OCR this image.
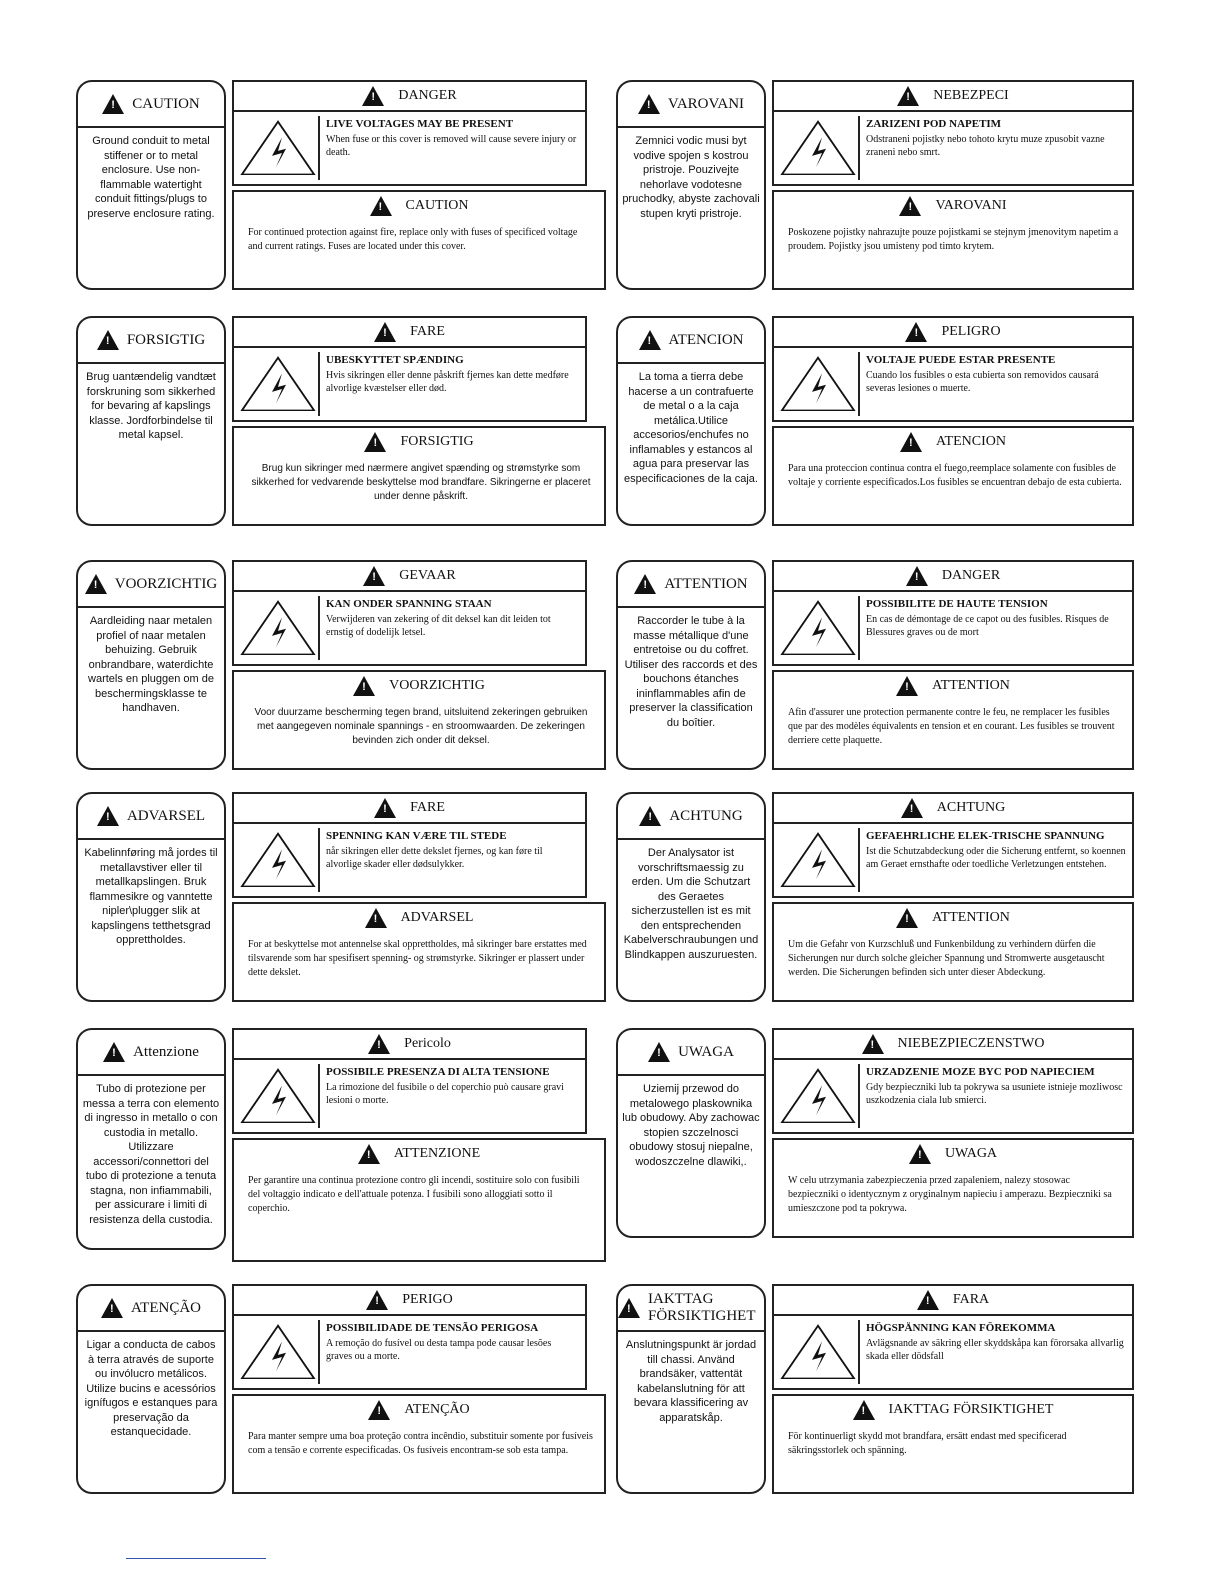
!
CAUTION
Ground conduit to metal stiffener or to metal enclosure. Use non-flammable watertight conduit fittings/plugs to preserve enclosure rating.
!
DANGER
LIVE VOLTAGES MAY BE PRESENT
When fuse or this cover is removed will cause severe injury or death.
!
CAUTION
For continued protection against fire, replace only with fuses of specificed voltage and current ratings. Fuses are located under this cover.
!
VAROVANI
Zemnici vodic musi byt vodive spojen s kostrou pristroje. Pouzivejte nehorlave vodotesne pruchodky, abyste zachovali stupen kryti pristroje.
!
NEBEZPECI
ZARIZENI POD NAPETIM
Odstraneni pojistky nebo tohoto krytu muze zpusobit vazne zraneni nebo smrt.
!
VAROVANI
Poskozene pojistky nahrazujte pouze pojistkami se stejnym jmenovitym napetim a proudem. Pojistky jsou umisteny pod timto krytem.
!
FORSIGTIG
Brug uantændelig vandtæt forskruning som sikkerhed for bevaring af kapslings klasse. Jordforbindelse til metal kapsel.
!
FARE
UBESKYTTET SPÆNDING
Hvis sikringen eller denne påskrift fjernes kan dette medføre alvorlige kvæstelser eller død.
!
FORSIGTIG
Brug kun sikringer med nærmere angivet spænding og strømstyrke som sikkerhed for vedvarende beskyttelse mod brandfare. Sikringerne er placeret under denne påskrift.
!
ATENCION
La toma a tierra debe hacerse a un contrafuerte de metal o a la caja metálica.Utilice accesorios/enchufes no inflamables y estancos al agua para preservar las especificaciones de la caja.
!
PELIGRO
VOLTAJE PUEDE ESTAR PRESENTE
Cuando los fusibles o esta cubierta son removidos causará severas lesiones o muerte.
!
ATENCION
Para una proteccion continua contra el fuego,reemplace solamente con fusibles de voltaje y corriente especificados.Los fusibles se encuentran debajo de esta cubierta.
!
VOORZICHTIG
Aardleiding naar metalen profiel of naar metalen behuizing. Gebruik onbrandbare, waterdichte wartels en pluggen om de beschermingsklasse te handhaven.
!
GEVAAR
KAN ONDER SPANNING STAAN
Verwijderen van zekering of dit deksel kan dit leiden tot ernstig of dodelijk letsel.
!
VOORZICHTIG
Voor duurzame bescherming tegen brand, uitsluitend zekeringen gebruiken met aangegeven nominale spannings - en stroomwaarden. De zekeringen bevinden zich onder dit deksel.
!
ATTENTION
Raccorder le tube à la masse métallique d'une entretoise ou du coffret. Utiliser des raccords et des bouchons étanches ininflammables afin de preserver la classification du boîtier.
!
DANGER
POSSIBILITE DE HAUTE TENSION
En cas de démontage de ce capot ou des fusibles. Risques de Blessures graves ou de mort
!
ATTENTION
Afin d'assurer une protection permanente contre le feu, ne remplacer les fusibles que par des modèles équivalents en tension et en courant. Les fusibles se trouvent derriere cette plaquette.
!
ADVARSEL
Kabelinnføring må jordes til metallavstiver eller til metallkapslingen. Bruk flammesikre og vanntette nipler\plugger slik at kapslingens tetthetsgrad opprettholdes.
!
FARE
SPENNING KAN VÆRE TIL STEDE
når sikringen eller dette dekslet fjernes, og kan føre til alvorlige skader eller dødsulykker.
!
ADVARSEL
For at beskyttelse mot antennelse skal opprettholdes, må sikringer bare erstattes med tilsvarende som har spesifisert spenning- og strømstyrke. Sikringer er plassert under dette dekslet.
!
ACHTUNG
Der Analysator ist vorschriftsmaessig zu erden. Um die Schutzart des Geraetes sicherzustellen ist es mit den entsprechenden Kabelverschraubungen und Blindkappen auszuruesten.
!
ACHTUNG
GEFAEHRLICHE ELEK-TRISCHE SPANNUNG
Ist die Schutzabdeckung oder die Sicherung entfernt, so koennen am Geraet ernsthafte oder toedliche Verletzungen entstehen.
!
ATTENTION
Um die Gefahr von Kurzschluß und Funkenbildung zu verhindern dürfen die Sicherungen nur durch solche gleicher Spannung und Stromwerte ausgetauscht werden. Die Sicherungen befinden sich unter dieser Abdeckung.
!
Attenzione
Tubo di protezione per messa a terra con elemento di ingresso in metallo o con custodia in metallo. Utilizzare accessori/connettori del tubo di protezione a tenuta stagna, non infiammabili, per assicurare i limiti di resistenza della custodia.
!
Pericolo
POSSIBILE PRESENZA DI ALTA TENSIONE
La rimozione del fusibile o del coperchio può causare gravi lesioni o morte.
!
ATTENZIONE
Per garantire una continua protezione contro gli incendi, sostituire solo con fusibili del voltaggio indicato e dell'attuale potenza. I fusibili sono alloggiati sotto il coperchio.
!
UWAGA
Uziemij przewod do metalowego plaskownika lub obudowy. Aby zachowac stopien szczelnosci obudowy stosuj niepalne, wodoszczelne dlawiki,.
!
NIEBEZPIECZENSTWO
URZADZENIE MOZE BYC POD NAPIECIEM
Gdy bezpieczniki lub ta pokrywa sa usuniete istnieje mozliwosc uszkodzenia ciala lub smierci.
!
UWAGA
W celu utrzymania zabezpieczenia przed zapaleniem, nalezy stosowac bezpieczniki o identycznym z oryginalnym napieciu i amperazu. Bezpieczniki sa umieszczone pod ta pokrywa.
!
ATENÇÃO
Ligar a conducta de cabos à terra através de suporte ou invólucro metálicos. Utilize bucins e acessórios ignífugos e estanques para preservação da estanquecidade.
!
PERIGO
POSSIBILIDADE DE TENSÃO PERIGOSA
A remoção do fusível ou desta tampa pode causar lesões graves ou a morte.
!
ATENÇÃO
Para manter sempre uma boa proteção contra incêndio, substituir somente por fusíveis com a tensão e corrente especificadas. Os fusíveis encontram-se sob esta tampa.
!
IAKTTAG FÖRSIKTIGHET
Anslutningspunkt är jordad till chassi. Använd brandsäker, vattentät kabelanslutning för att bevara klassificering av apparatskåp.
!
FARA
HÖGSPÄNNING KAN FÖREKOMMA
Avlägsnande av säkring eller skyddskåpa kan förorsaka allvarlig skada eller dödsfall
!
IAKTTAG FÖRSIKTIGHET
För kontinuerligt skydd mot brandfara, ersätt endast med specificerad säkringsstorlek och spänning.
